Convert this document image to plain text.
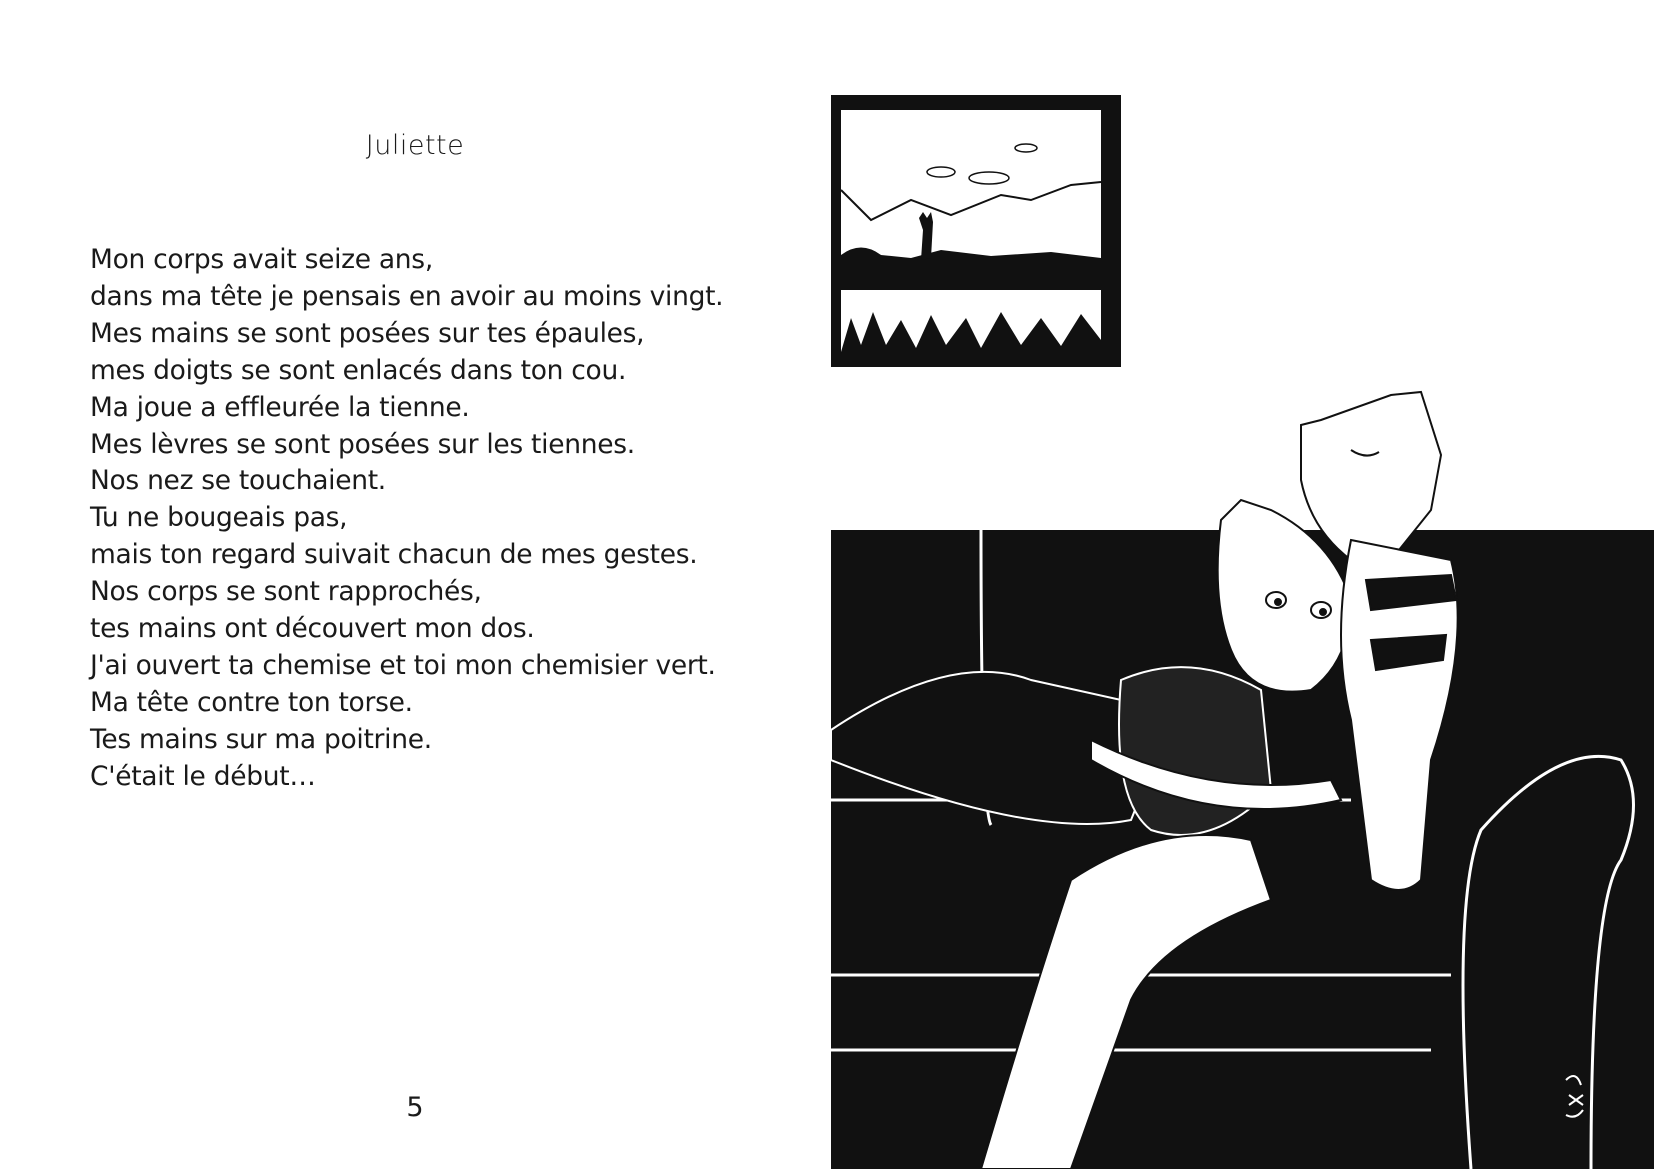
Juliette
Mon corps avait seize ans,
dans ma tête je pensais en avoir au moins vingt.
Mes mains se sont posées sur tes épaules,
mes doigts se sont enlacés dans ton cou.
Ma joue a effleurée la tienne.
Mes lèvres se sont posées sur les tiennes.
Nos nez se touchaient.
Tu ne bougeais pas,
mais ton regard suivait chacun de mes gestes.
Nos corps se sont rapprochés,
tes mains ont découvert mon dos.
J'ai ouvert ta chemise et toi mon chemisier vert.
Ma tête contre ton torse.
Tes mains sur ma poitrine.
C'était le début…
5
